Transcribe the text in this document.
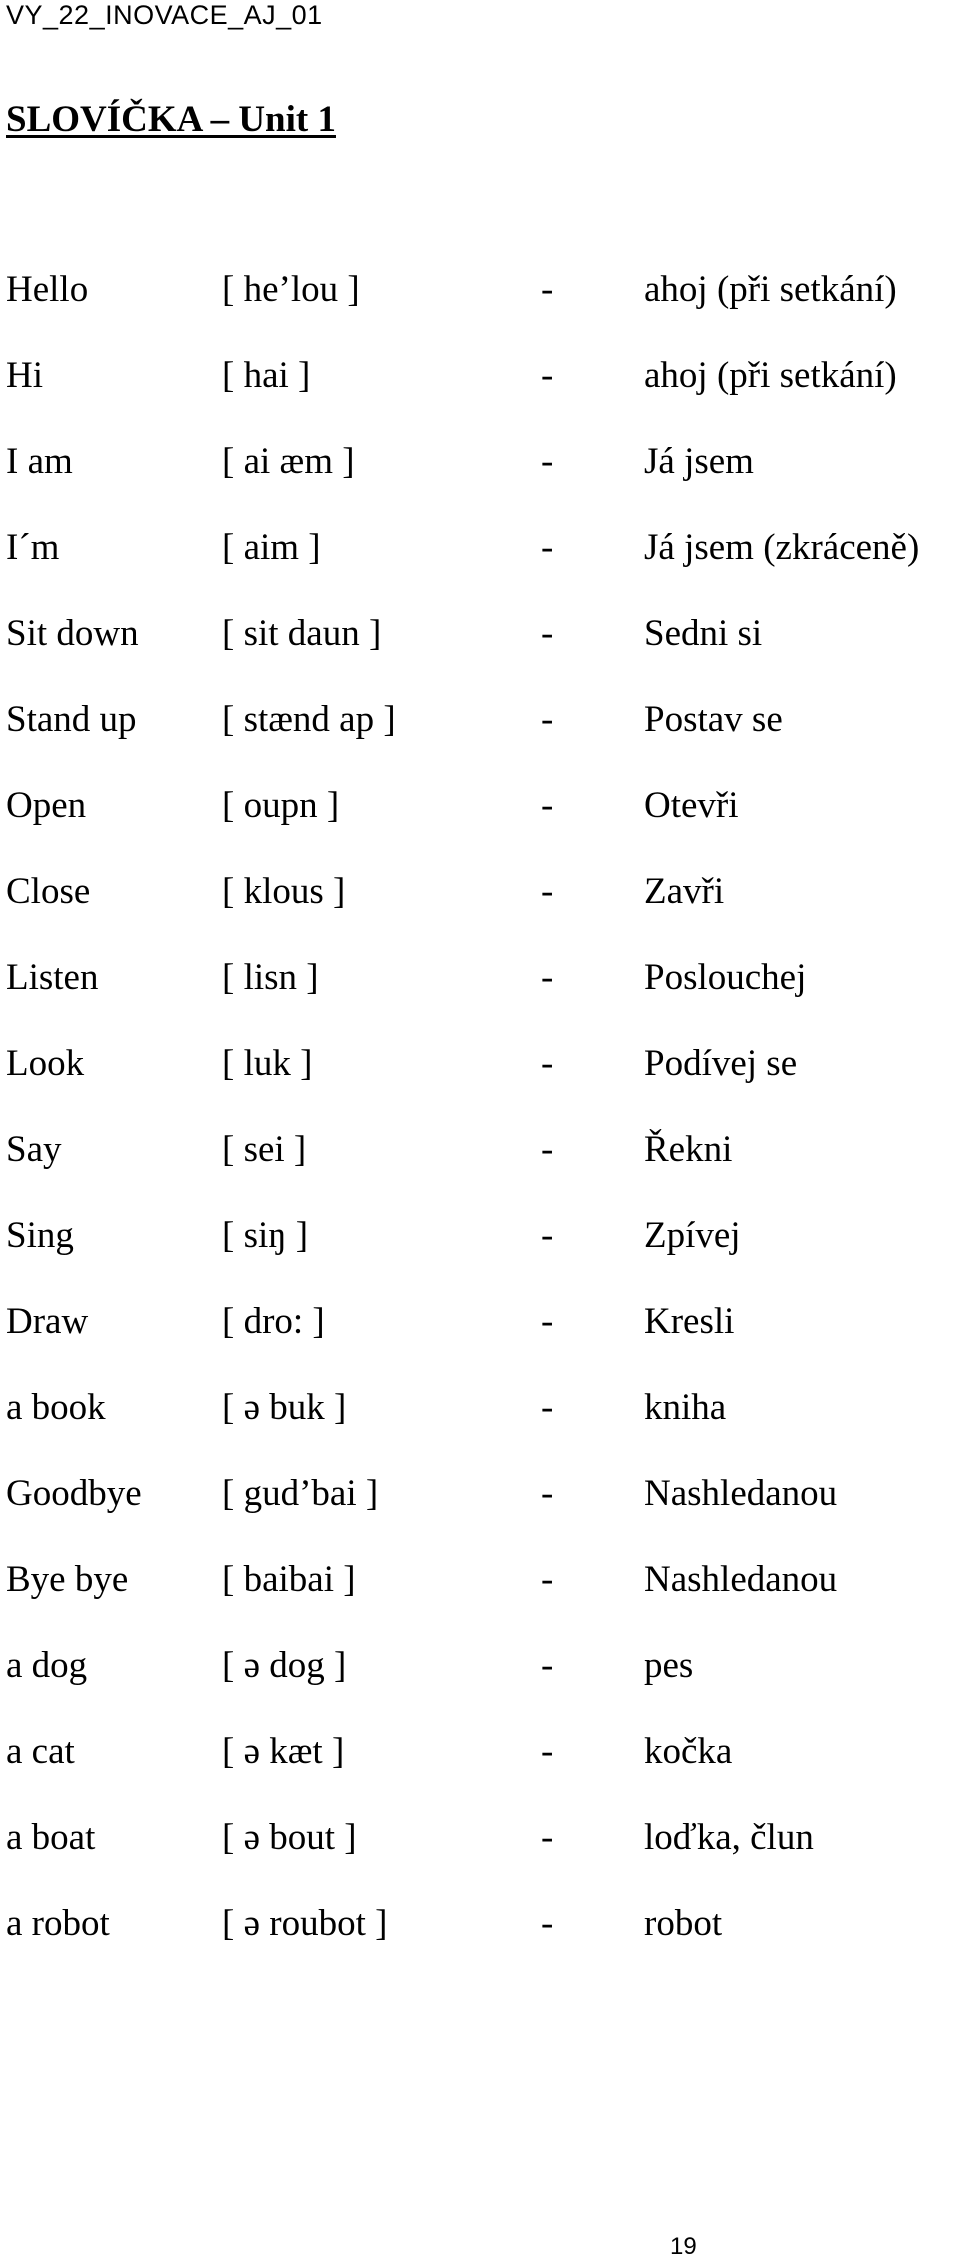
VY_22_INOVACE_AJ_01
SLOVÍČKA – Unit 1
Hello	[ he’lou ]	- ahoj (při setkání)
Hi	[ hai ]	- ahoj (při setkání)
I am	[ ai æm ]	- Já jsem
I´m	[ aim ]	- Já jsem (zkráceně)
Sit down [ sit daun ]	- Sedni si
Stand up [ stænd ap ]	- Postav se
Open	[ oupn ]	- Otevři
Close	[ klous ]	- Zavři
Listen	[ lisn ]	- Poslouchej
Look	[ luk ]	- Podívej se
Say	[ sei ]	- Řekni
Sing	[ siŋ ]	- Zpívej
Draw	[ dro: ]	- Kresli
a book	[ ə buk ]	- kniha
Goodbye [ gud’bai ]	- Nashledanou
Bye bye	[ baibai ]	- Nashledanou
a dog	[ ə dog ]	- pes
a cat	[ ə kæt ]	- kočka
a boat	[ ə bout ]	- loďka, člun
a robot	[ ə roubot ]	- robot
19
